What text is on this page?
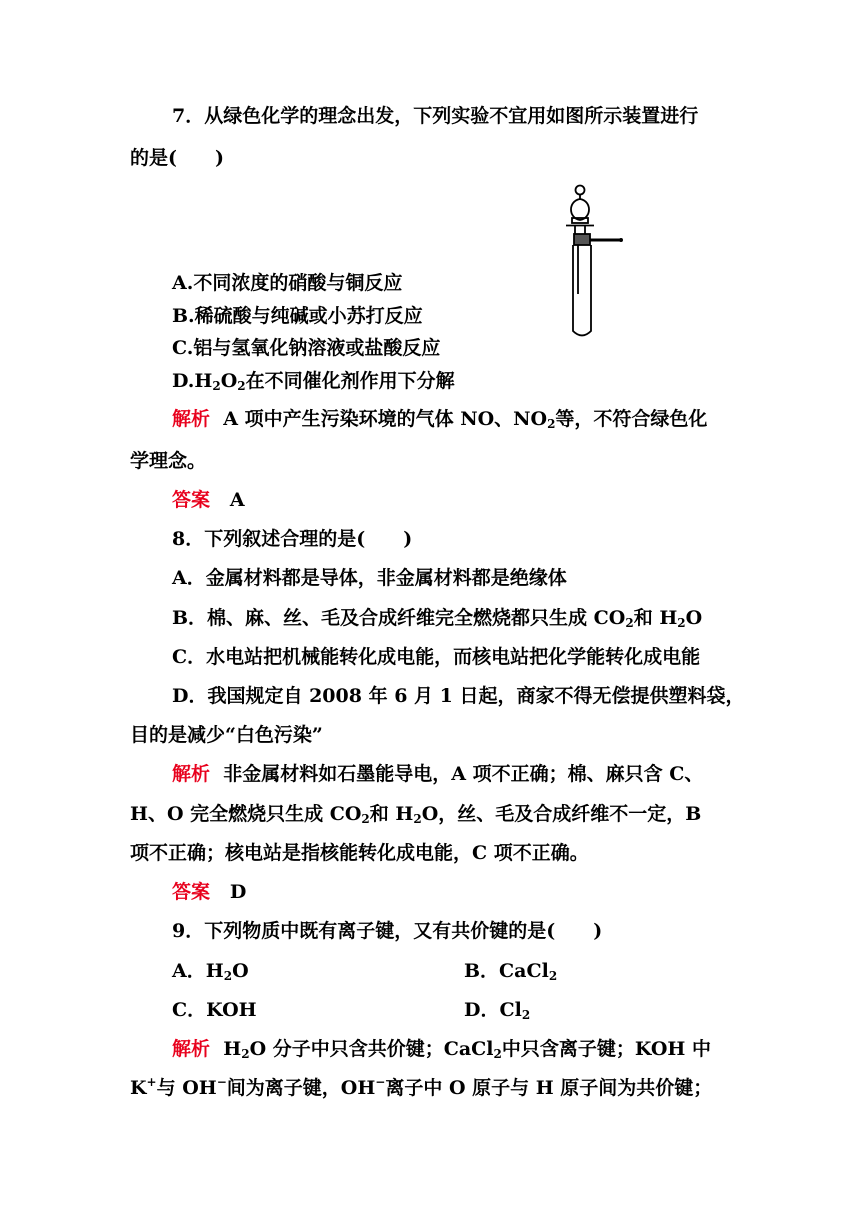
7．从绿色化学的理念出发，下列实验不宜用如图所示装置进行
的是(　　)
A.不同浓度的硝酸与铜反应
B.稀硫酸与纯碱或小苏打反应
C.铝与氢氧化钠溶液或盐酸反应
$D.H_2O_2$在不同催化剂作用下分解
解析 A 项中产生污染环境的气体 NO、$NO_2$等，不符合绿色化
学理念。
答案 A
8．下列叙述合理的是(　　)
A．金属材料都是导体，非金属材料都是绝缘体
B．棉、麻、丝、毛及合成纤维完全燃烧都只生成 $CO_2$和 $H_2O$
C．水电站把机械能转化成电能，而核电站把化学能转化成电能
D．我国规定自 2008 年 6 月 1 日起，商家不得无偿提供塑料袋，
目的是减少“白色污染”
解析 非金属材料如石墨能导电，A 项不正确；棉、麻只含 C、
H、O 完全燃烧只生成 $CO_2$和 $H_2O$，丝、毛及合成纤维不一定，B
项不正确；核电站是指核能转化成电能，C 项不正确。
答案 D
9．下列物质中既有离子键，又有共价键的是(　　)
A．$H_2O$	B．CaCl$_2$
C．KOH	D．$Cl_2$
解析 $H_2O$ 分子中只含共价键；CaCl$_2$中只含离子键；KOH 中
K+与 OH−间为离子键，OH−离子中 O 原子与 H 原子间为共价键；
